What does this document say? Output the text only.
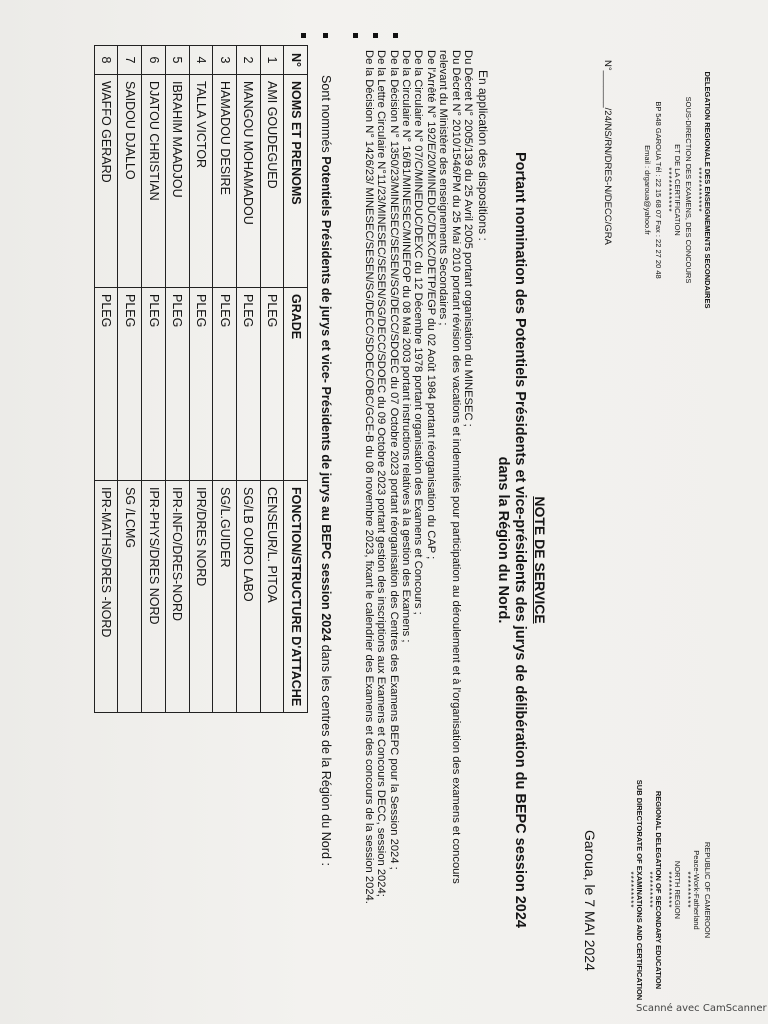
DELEGATION REGIONALE DES ENSEIGNEMENTS SECONDAIRES
***********
SOUS-DIRECTION DES EXAMENS, DES CONCOURS
ET DE LA CERTIFICATION
***********
BP 548 GAROUA Tél : 22 15 68 07 Fax : 22 27 20 48
Email : drgaroua@yahoo.fr
REPUBLIC OF CAMEROON
Peace-Work-Fatherland
*********
NORTH REGION
*********
REGIONAL DELEGATION OF SECONDARY EDUCATION
*********
SUB DIRECTORATE OF EXAMINATIONS AND CERTIFICATION
*********
N°_______/24/NS/RN/DRES-N/DECC/GRA
Garoua, le 7 MAI 2024
NOTE DE SERVICE
Portant nomination des Potentiels Présidents et vice-présidents des jurys de délibération du BEPC session 2024
dans la Région du Nord.
En application des dispositions :
Du Décret N° 2005/139 du 25 Avril 2005 portant organisation du MINESEC ;
Du Décret N° 2010/1546/PM du 25 Mai 2010 portant révision des vacations et indemnités pour participation au déroulement et à l'organisation des examens et concours
relevant du Ministère des enseignements Secondaires ;
De l'Arrêté N° 192/E/20/MINEDUC/DEXC/DETP/EGP du 02 Août 1984 portant réorganisation du CAP ;
De la Circulaire N° 07/C/MINEDUC/DEXC du 12 Décembre 1978 portant organisation des Examens et Concours ;
De la Circulaire N° 16/B1/MINESEC/MINEFOP du 08 Mai 2003 portant instructions relatives à la gestion des Examens ;
De la Décision N° 1350/23/MINESEC/SESEN/SG/DECC/SDOEC du 07 Octobre 2023 portant réorganisation des Centres des Examens BEPC pour la Session 2024 ;
De la Lettre Circulaire N°11/23/MINESEC/SESEN/SG/DECC/SDOEC du 09 Octobre 2023 portant gestion des inscriptions aux Examens et Concours DECC, session 2024;
De la Décision N° 1426/23/ MINESEC/SESEN/SG/DECC/SDOEC/OBC/GCE-B du 08 novembre 2023, fixant le calendrier des Examens et des concours de la session 2024.
Sont nommés Potentiels Présidents de jurys et vice- Présidents de jurys au BEPC session 2024 dans les centres de la Région du Nord :
N°	NOMS ET PRENOMS	GRADE	FONCTION/STRUCTURE D'ATTACHE
1	AMI GOUDEGUED	PLEG	CENSEUR/L. PITOA
2	MANGOU MOHAMADOU	PLEG	SG/LB OURO LABO
3	HAMADOU DESIRE	PLEG	SG/L.GUIDER
4	TALLA VICTOR	PLEG	IPR/DRES NORD
5	IBRAHIM MAADJOU	PLEG	IPR-INFO/DRES-NORD
6	DJATOU CHRISTIAN	PLEG	IPR-PHYS/DRES NORD
7	SAIDOU DJALLO	PLEG	SG /LCMG
8	WAFFO GERARD	PLEG	IPR-MATHS/DRES -NORD
Scanné avec CamScanner
